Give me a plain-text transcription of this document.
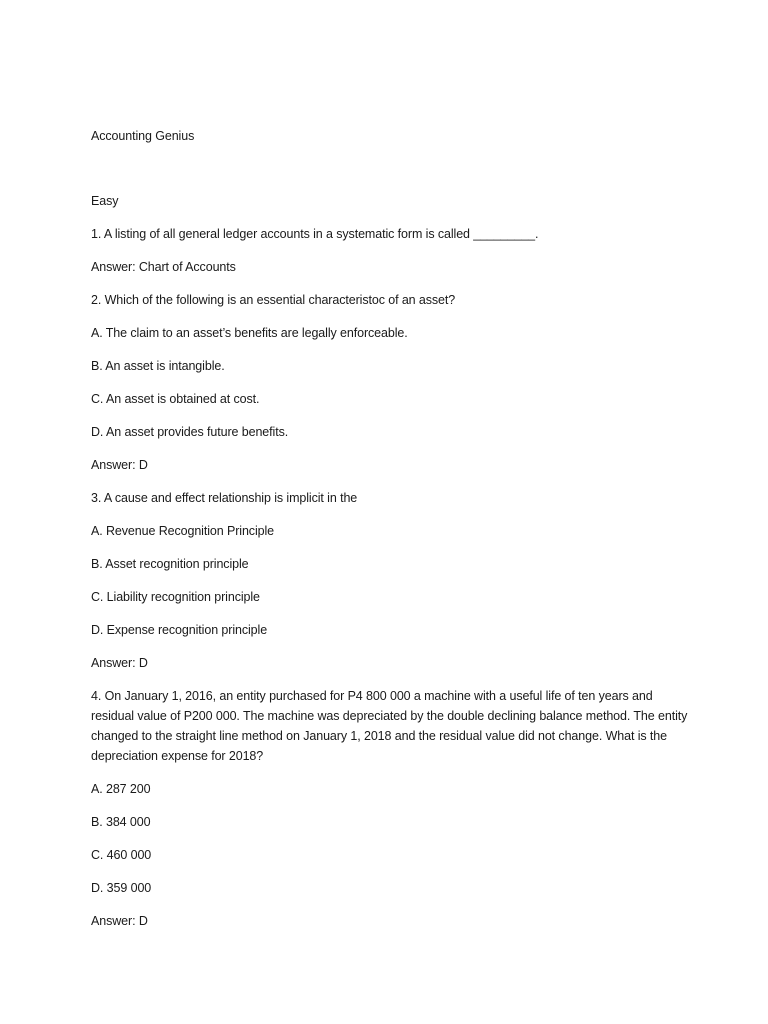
Accounting Genius

Easy

1. A listing of all general ledger accounts in a systematic form is called _________.

Answer: Chart of Accounts

2. Which of the following is an essential characteristoc of an asset?

A. The claim to an asset’s benefits are legally enforceable.

B. An asset is intangible.

C. An asset is obtained at cost.

D. An asset provides future benefits.

Answer: D

3. A cause and effect relationship is implicit in the

A. Revenue Recognition Principle

B. Asset recognition principle

C. Liability recognition principle

D. Expense recognition principle

Answer: D

4. On January 1, 2016, an entity purchased for P4 800 000 a machine with a useful life of ten years and residual value of P200 000. The machine was depreciated by the double declining balance method. The entity changed to the straight line method on January 1, 2018 and the residual value did not change. What is the depreciation expense for 2018?

A. 287 200

B. 384 000

C. 460 000

D. 359 000

Answer: D
